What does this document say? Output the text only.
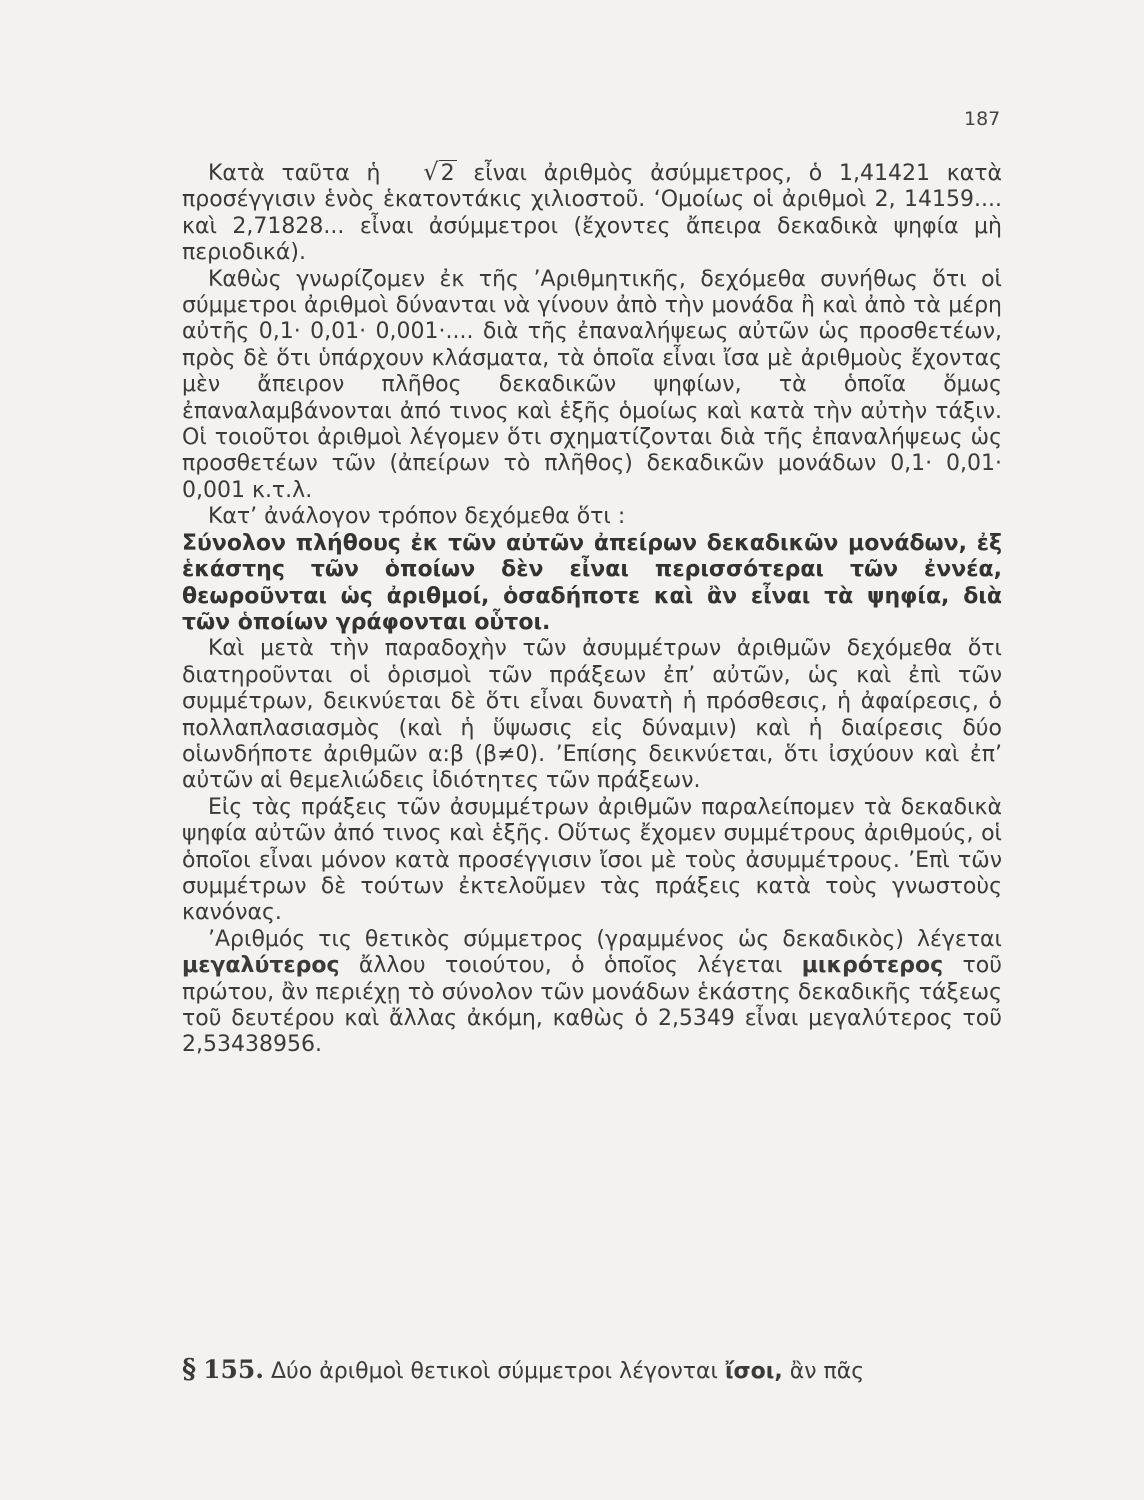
187

Κατὰ ταῦτα ἡ √2 εἶναι ἀριθμὸς ἀσύμμετρος, ὁ 1,41421 κατὰ προσέγγισιν ἑνὸς ἑκατοντάκις χιλιοστοῦ. ‘Ομοίως οἱ ἀριθμοὶ 2, 14159.... καὶ 2,71828... εἶναι ἀσύμμετροι (ἔχοντες ἄπειρα δεκαδικὰ ψηφία μὴ περιοδικά).

Καθὼς γνωρίζομεν ἐκ τῆς ’Αριθμητικῆς, δεχόμεθα συνήθως ὅτι οἱ σύμμετροι ἀριθμοὶ δύνανται νὰ γίνουν ἀπὸ τὴν μονάδα ἢ καὶ ἀπὸ τὰ μέρη αὐτῆς 0,1· 0,01· 0,001·.... διὰ τῆς ἐπαναλήψεως αὐτῶν ὡς προσθετέων, πρὸς δὲ ὅτι ὑπάρχουν κλάσματα, τὰ ὁποῖα εἶναι ἴσα μὲ ἀριθμοὺς ἔχοντας μὲν ἄπειρον πλῆθος δεκαδικῶν ψηφίων, τὰ ὁποῖα ὅμως ἐπαναλαμβάνονται ἀπό τινος καὶ ἑξῆς ὁμοίως καὶ κατὰ τὴν αὐτὴν τάξιν. Οἱ τοιοῦτοι ἀριθμοὶ λέγομεν ὅτι σχηματίζονται διὰ τῆς ἐπαναλήψεως ὡς προσθετέων τῶν (ἀπείρων τὸ πλῆθος) δεκαδικῶν μονάδων 0,1· 0,01· 0,001 κ.τ.λ.

Κατ’ ἀνάλογον τρόπον δεχόμεθα ὅτι :

Σύνολον πλήθους ἐκ τῶν αὐτῶν ἀπείρων δεκαδικῶν μονάδων, ἐξ ἑκάστης τῶν ὁποίων δὲν εἶναι περισσότεραι τῶν ἐννέα, θεωροῦνται ὡς ἀριθμοί, ὁσαδήποτε καὶ ἂν εἶναι τὰ ψηφία, διὰ τῶν ὁποίων γράφονται οὗτοι.

Καὶ μετὰ τὴν παραδοχὴν τῶν ἀσυμμέτρων ἀριθμῶν δεχόμεθα ὅτι διατηροῦνται οἱ ὁρισμοὶ τῶν πράξεων ἐπ’ αὐτῶν, ὡς καὶ ἐπὶ τῶν συμμέτρων, δεικνύεται δὲ ὅτι εἶναι δυνατὴ ἡ πρόσθεσις, ἡ ἀφαίρεσις, ὁ πολλαπλασιασμὸς (καὶ ἡ ὕψωσις εἰς δύναμιν) καὶ ἡ διαίρεσις δύο οἱωνδήποτε ἀριθμῶν α:β (β≠0). ’Επίσης δεικνύεται, ὅτι ἰσχύουν καὶ ἐπ’ αὐτῶν αἱ θεμελιώδεις ἰδιότητες τῶν πράξεων.

Εἰς τὰς πράξεις τῶν ἀσυμμέτρων ἀριθμῶν παραλείπομεν τὰ δεκαδικὰ ψηφία αὐτῶν ἀπό τινος καὶ ἑξῆς. Οὕτως ἔχομεν συμμέτρους ἀριθμούς, οἱ ὁποῖοι εἶναι μόνον κατὰ προσέγγισιν ἴσοι μὲ τοὺς ἀσυμμέτρους. ’Επὶ τῶν συμμέτρων δὲ τούτων ἐκτελοῦμεν τὰς πράξεις κατὰ τοὺς γνωστοὺς κανόνας.

’Αριθμός τις θετικὸς σύμμετρος (γραμμένος ὡς δεκαδικὸς) λέγεται μεγαλύτερος ἄλλου τοιούτου, ὁ ὁποῖος λέγεται μικρότερος τοῦ πρώτου, ἂν περιέχῃ τὸ σύνολον τῶν μονάδων ἑκάστης δεκαδικῆς τάξεως τοῦ δευτέρου καὶ ἄλλας ἀκόμη, καθὼς ὁ 2,5349 εἶναι μεγαλύτερος τοῦ 2,53438956.

§ 155. Δύο ἀριθμοὶ θετικοὶ σύμμετροι λέγονται ἴσοι, ἂν πᾶς
